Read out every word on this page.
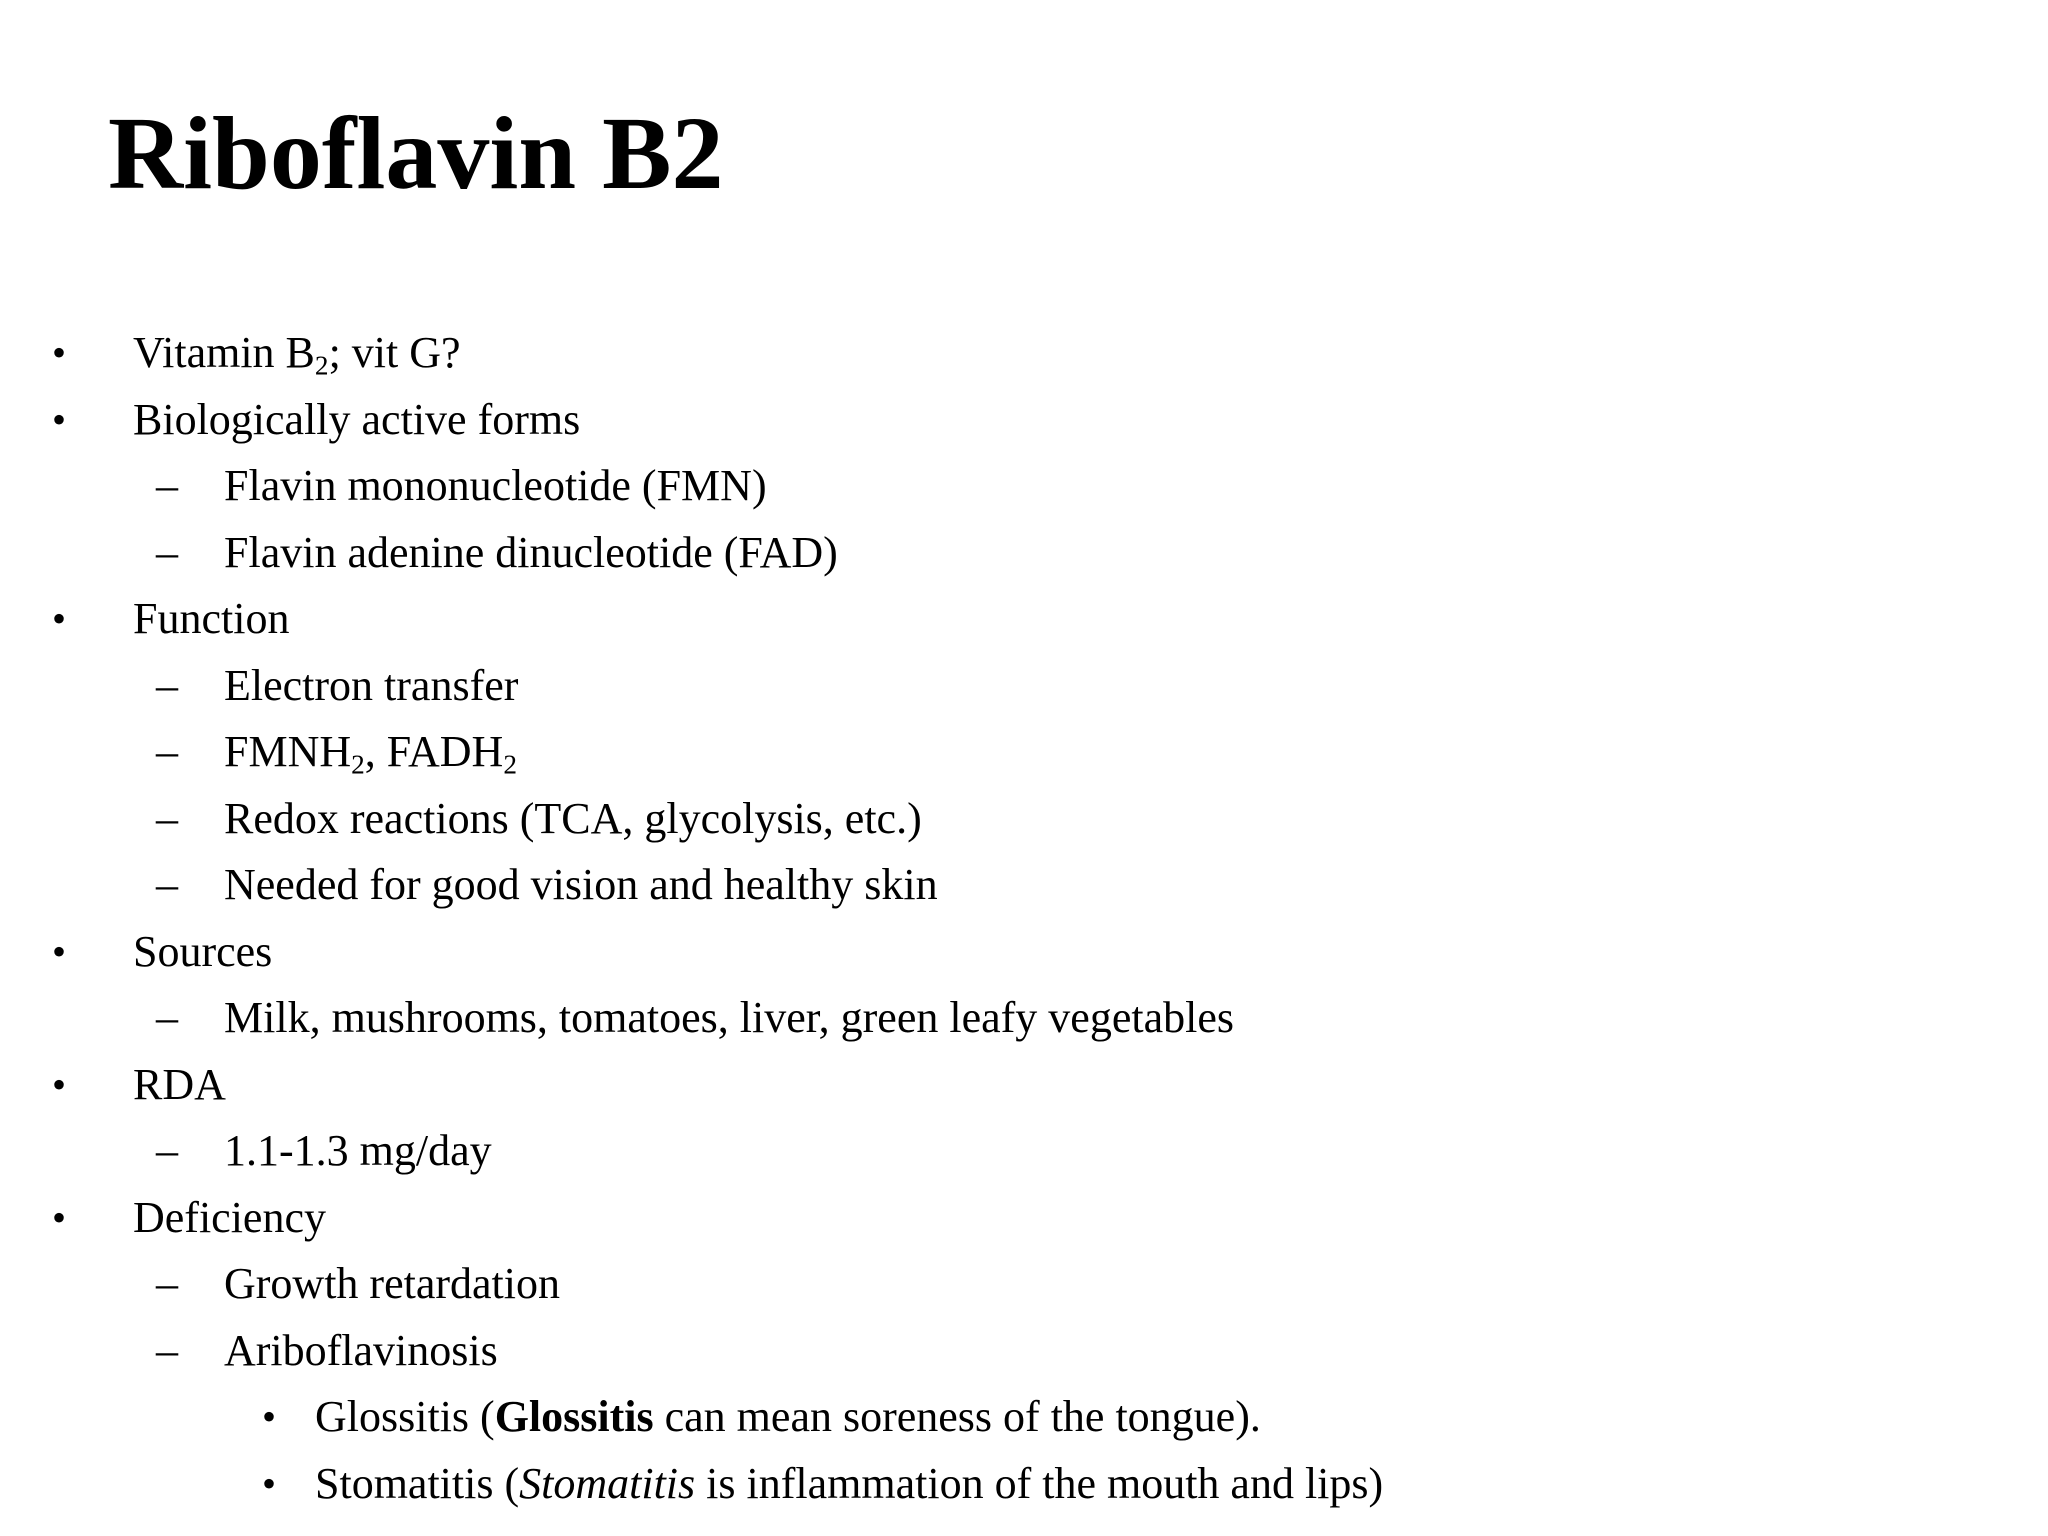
Riboflavin B2
• Vitamin $B_2$; vit G?
• Biologically active forms
– Flavin mononucleotide (FMN)
– Flavin adenine dinucleotide (FAD)
• Function
– Electron transfer
– $FMNH_2$, $FADH_2$
– Redox reactions (TCA, glycolysis, etc.)
– Needed for good vision and healthy skin
• Sources
– Milk, mushrooms, tomatoes, liver, green leafy vegetables
• RDA
– 1.1-1.3 mg/day
• Deficiency
– Growth retardation
– Ariboflavinosis
• Glossitis (Glossitis can mean soreness of the tongue).
• Stomatitis (Stomatitis is inflammation of the mouth and lips)
